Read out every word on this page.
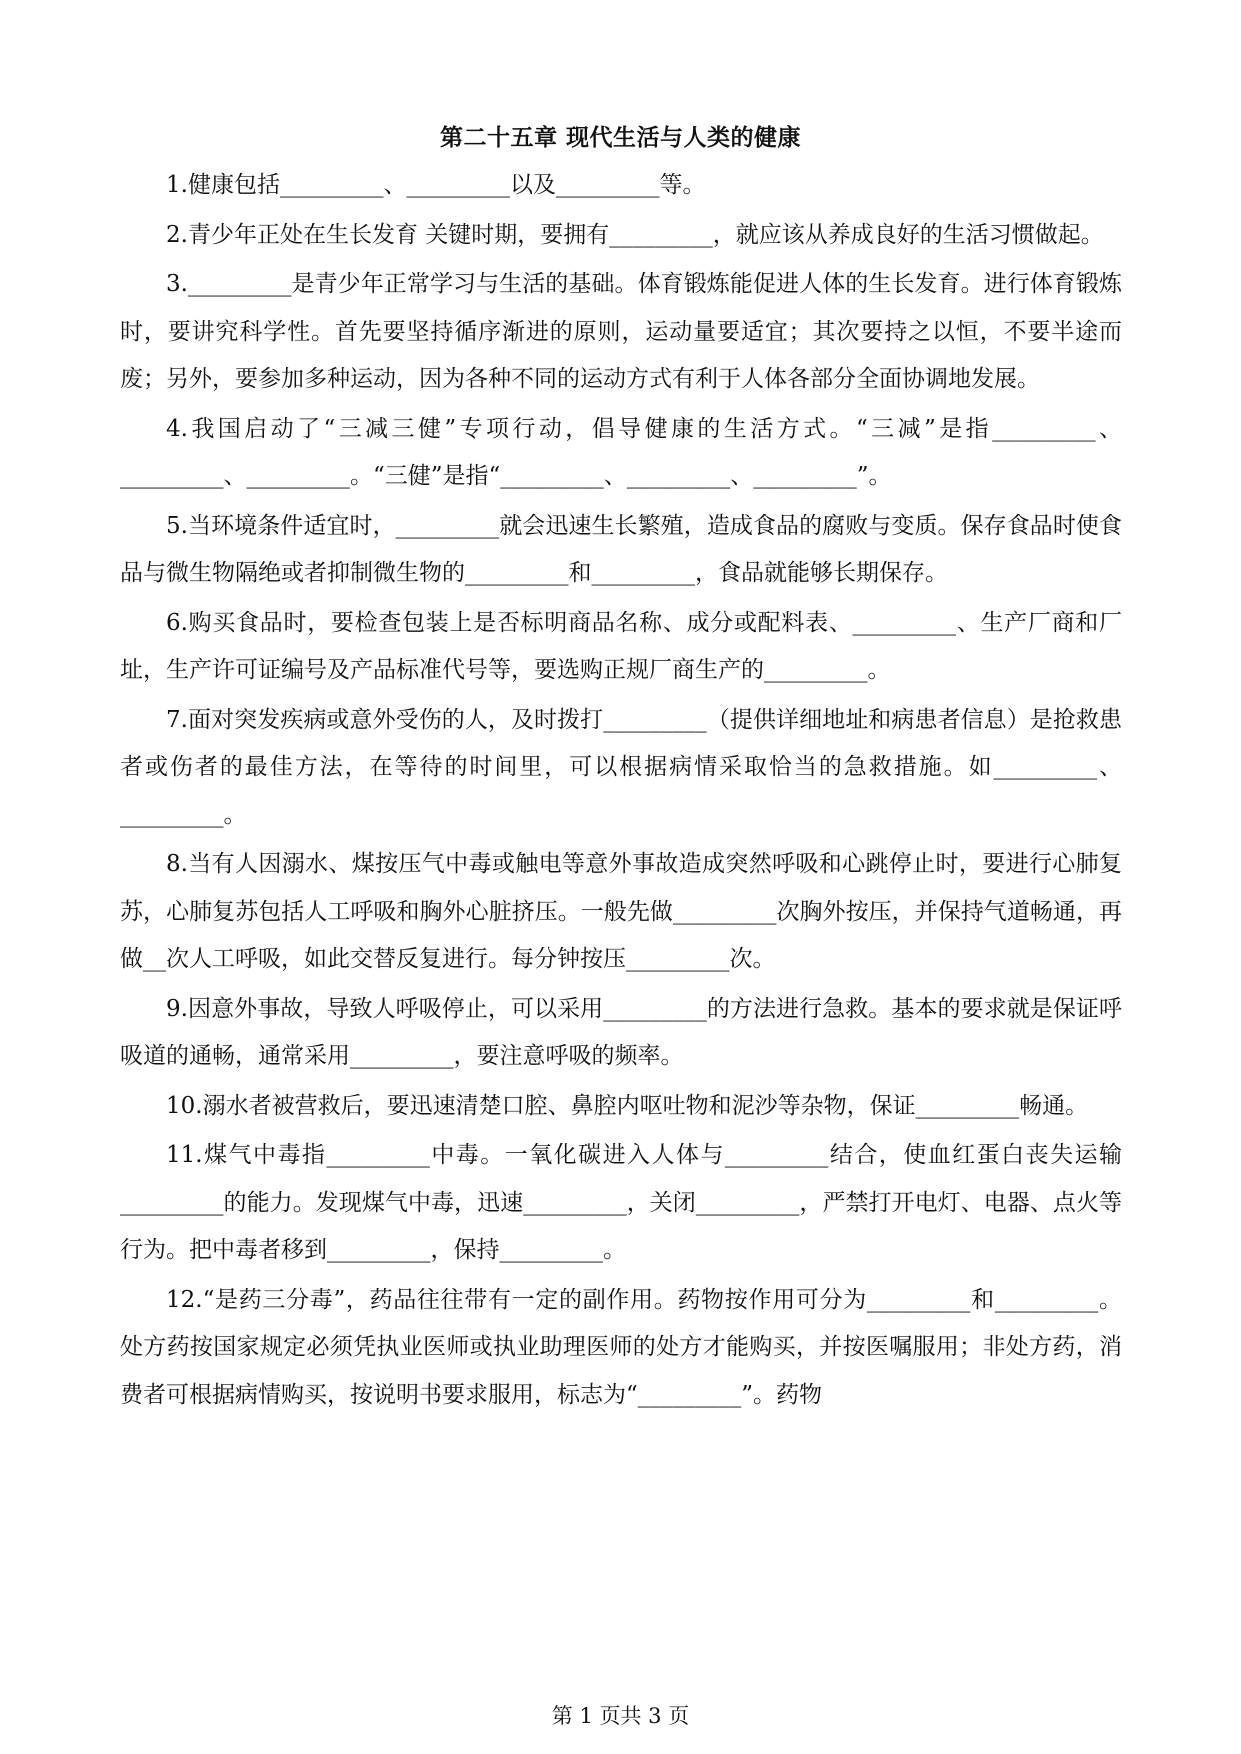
第二十五章 现代生活与人类的健康

1.健康包括_________、_________以及_________等。

2.青少年正处在生长发育 关键时期，要拥有_________，就应该从养成良好的生活习惯做起。

3._________是青少年正常学习与生活的基础。体育锻炼能促进人体的生长发育。进行体育锻炼时，要讲究科学性。首先要坚持循序渐进的原则，运动量要适宜；其次要持之以恒，不要半途而废；另外，要参加多种运动，因为各种不同的运动方式有利于人体各部分全面协调地发展。

4.我国启动了“三减三健”专项行动，倡导健康的生活方式。“三减”是指_________、_________、_________。“三健”是指“_________、_________、_________”。

5.当环境条件适宜时，_________就会迅速生长繁殖，造成食品的腐败与变质。保存食品时使食品与微生物隔绝或者抑制微生物的_________和_________，食品就能够长期保存。

6.购买食品时，要检查包装上是否标明商品名称、成分或配料表、_________、生产厂商和厂址，生产许可证编号及产品标准代号等，要选购正规厂商生产的_________。

7.面对突发疾病或意外受伤的人，及时拨打_________（提供详细地址和病患者信息）是抢救患者或伤者的最佳方法，在等待的时间里，可以根据病情采取恰当的急救措施。如_________、_________。

8.当有人因溺水、煤按压气中毒或触电等意外事故造成突然呼吸和心跳停止时，要进行心肺复苏，心肺复苏包括人工呼吸和胸外心脏挤压。一般先做_________次胸外按压，并保持气道畅通，再做__次人工呼吸，如此交替反复进行。每分钟按压_________次。

9.因意外事故，导致人呼吸停止，可以采用_________的方法进行急救。基本的要求就是保证呼吸道的通畅，通常采用_________，要注意呼吸的频率。

10.溺水者被营救后，要迅速清楚口腔、鼻腔内呕吐物和泥沙等杂物，保证_________畅通。

11.煤气中毒指_________中毒。一氧化碳进入人体与_________结合，使血红蛋白丧失运输_________的能力。发现煤气中毒，迅速_________，关闭_________，严禁打开电灯、电器、点火等行为。把中毒者移到_________，保持_________。

12.“是药三分毒”，药品往往带有一定的副作用。药物按作用可分为_________和_________。处方药按国家规定必须凭执业医师或执业助理医师的处方才能购买，并按医嘱服用；非处方药，消费者可根据病情购买，按说明书要求服用，标志为“_________”。药物

第 1 页共 3 页
